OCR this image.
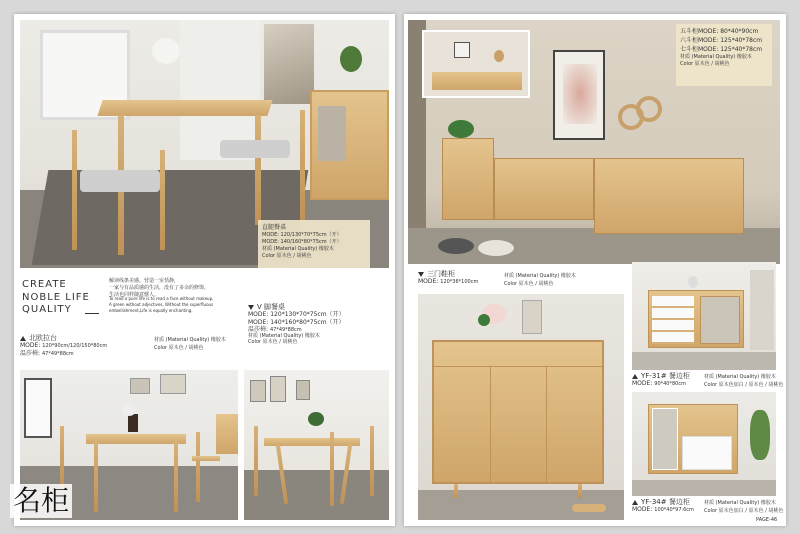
直腿餐桌
MODE: 120/130*70*75cm（开）
MODE: 140/160*80*75cm（开）
材质 (Material Quality) 橡胶木
Color 原木色 / 胡桃色
CREATE
NOBLE LIFE
QUALITY
解读线条美感，营造一室恬静，
一家与有品质感的生活，没有了多余的修饰，
生活也同样随意惬人。
To read a pure life is to read a face without makeup,
A green without adjectives, Without the superfluous
embellishment,Life is equally enchanting.
北欧拉台
MODE: 120*90cm/120/150*80cm
温莎椅: 47*49*88cm
材质 (Material Quality) 橡胶木
Color 原木色 / 胡桃色
V 脚餐桌
MODE: 120*130*70*75cm（开）
MODE: 140*160*80*75cm（开）
温莎椅: 47*49*88cm
材质 (Material Quality) 橡胶木
Color 原木色 / 胡桃色
名柜
五斗柜MODE: 80*40*90cm
六斗柜MODE: 125*40*78cm
七斗柜MODE: 125*40*78cm
材质 (Material Quality) 橡胶木
Color 原木色 / 胡桃色
三门鞋柜
MODE: 120*36*100cm
材质 (Material Quality) 橡胶木
Color 原木色 / 胡桃色
YF-31# 餐边柜
MODE: 90*40*80cm
材质 (Material Quality) 橡胶木
Color 原木色加白 / 原木色 / 胡桃色
YF-34# 餐边柜
MODE: 100*40*97.6cm
材质 (Material Quality) 橡胶木
Color 原木色加白 / 原木色 / 胡桃色
PAGE-46
